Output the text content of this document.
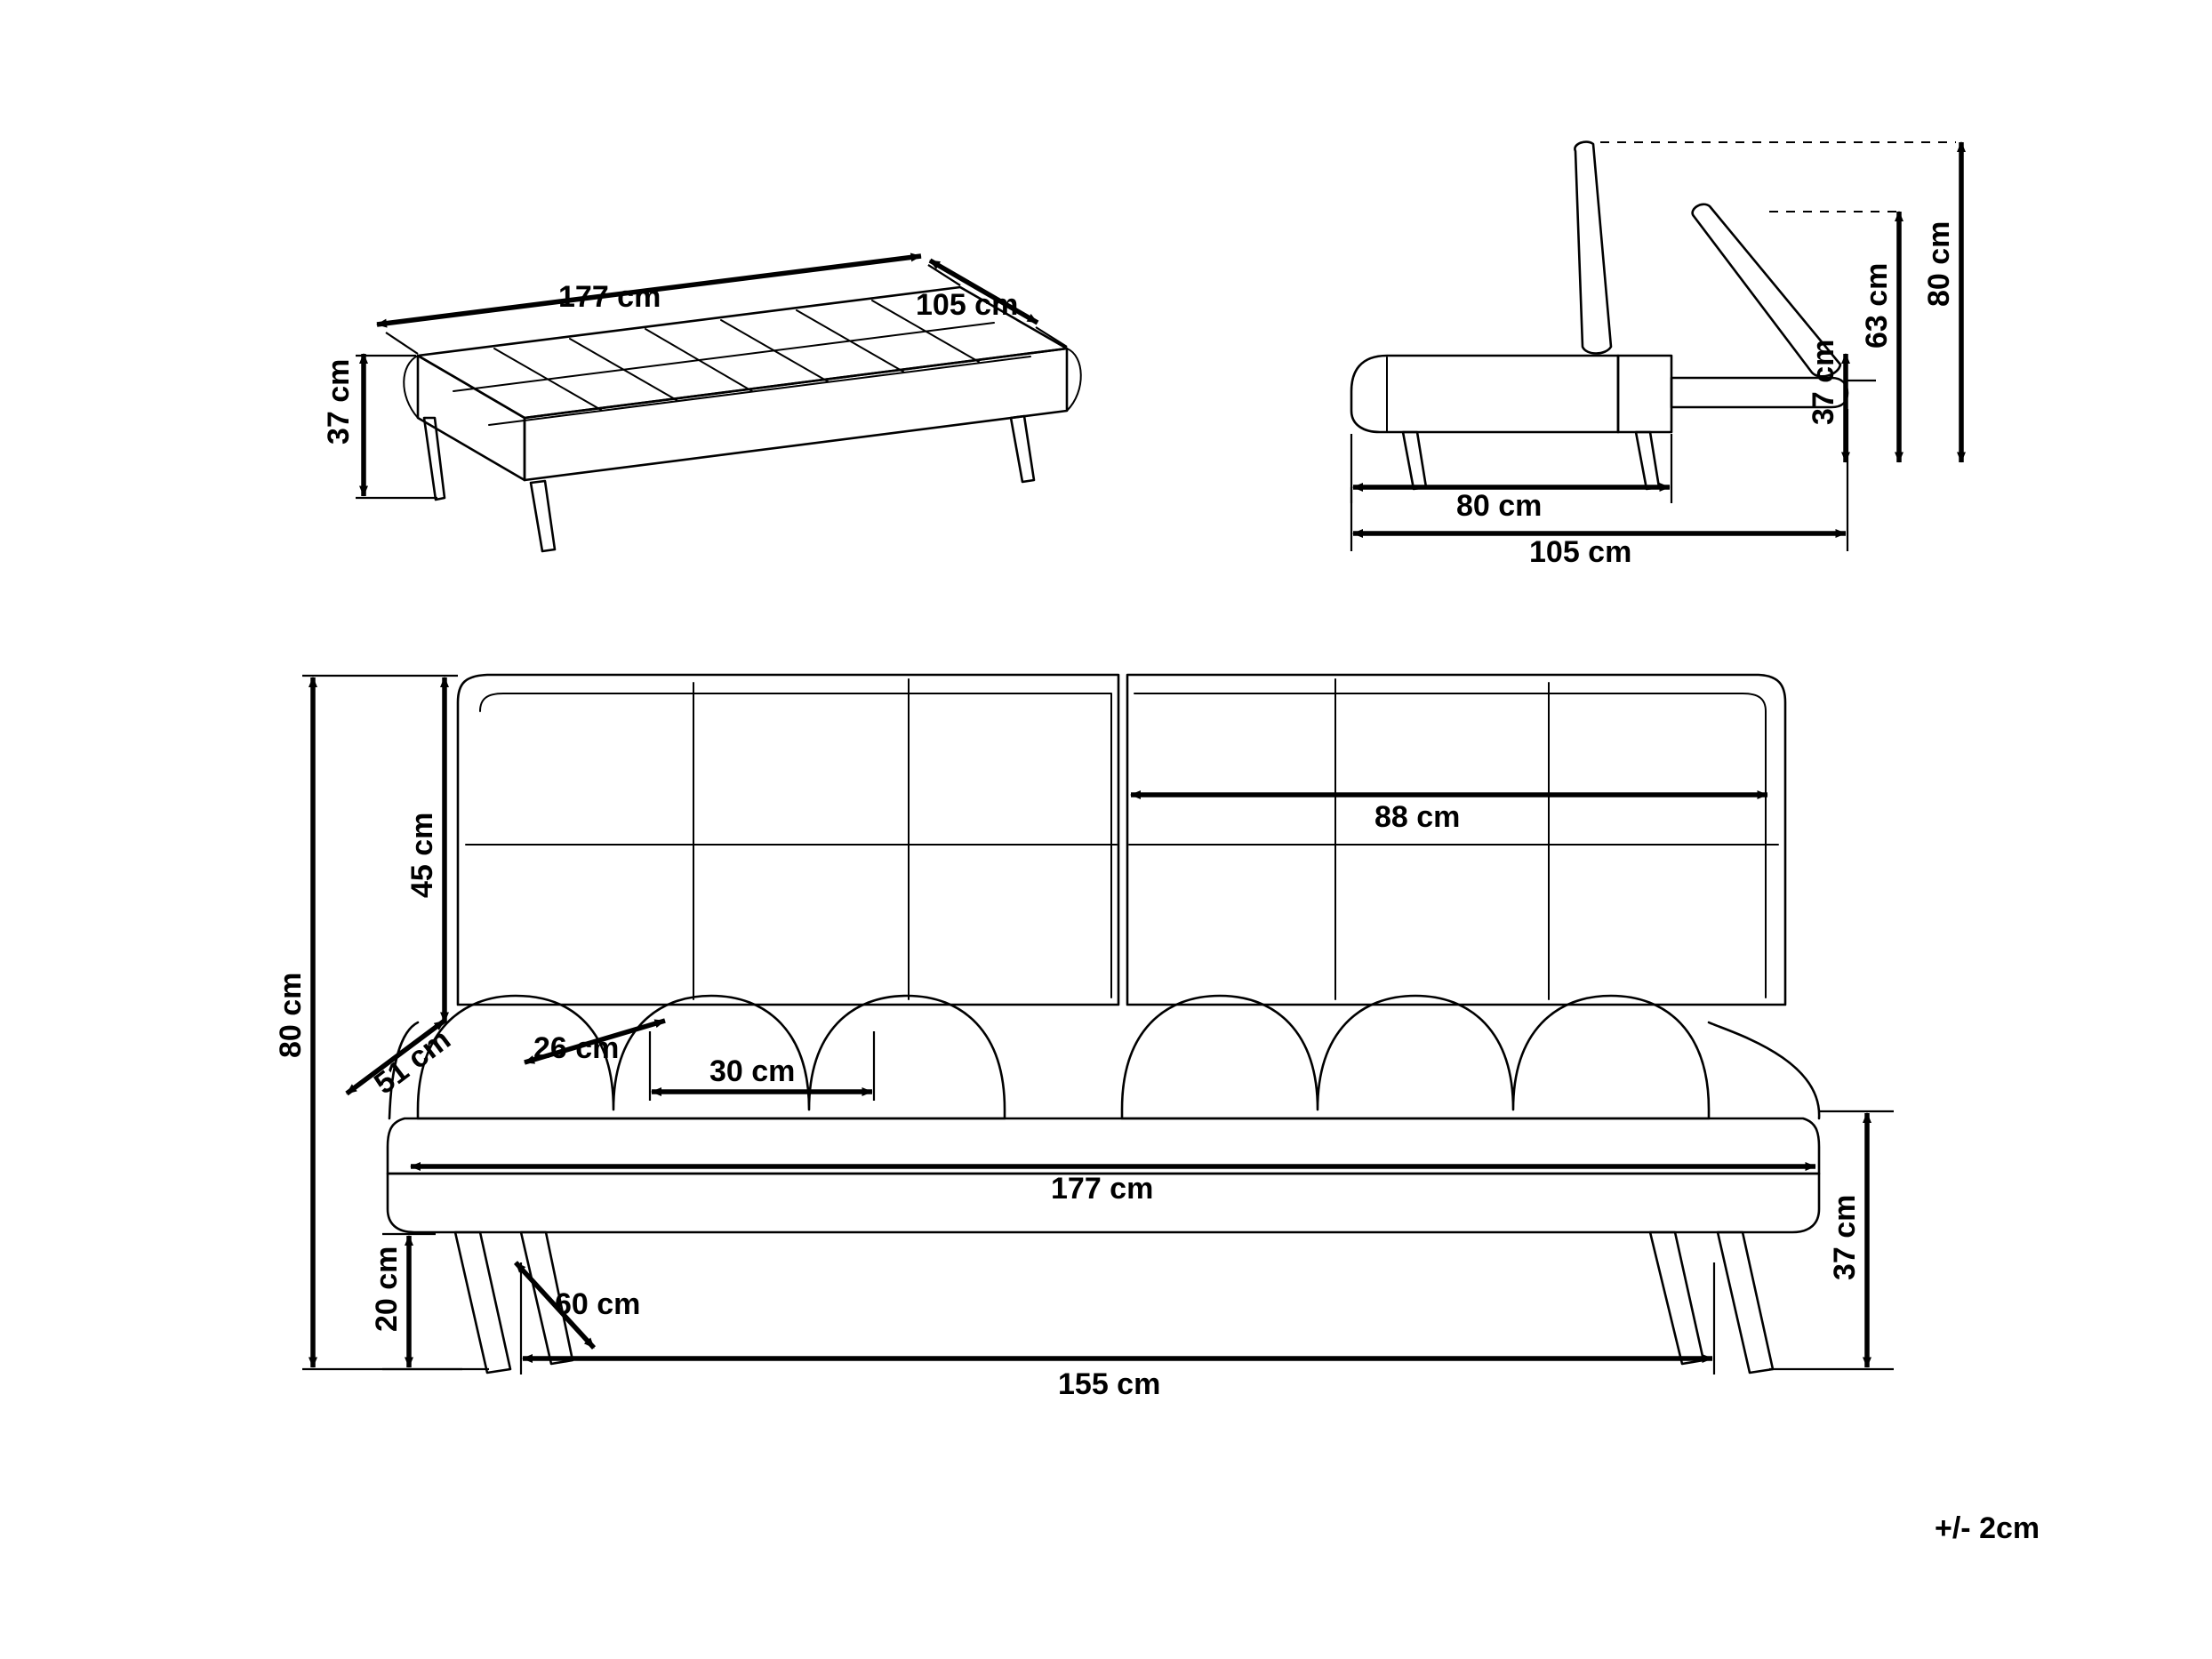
177 cm	105 cm
37 cm
80 cm
63 cm
37 cm
80 cm
105 cm
80 cm
45 cm
51 cm	26 cm
30 cm
88 cm
177 cm
37 cm
20 cm	60 cm
155 cm
+/- 2cm
